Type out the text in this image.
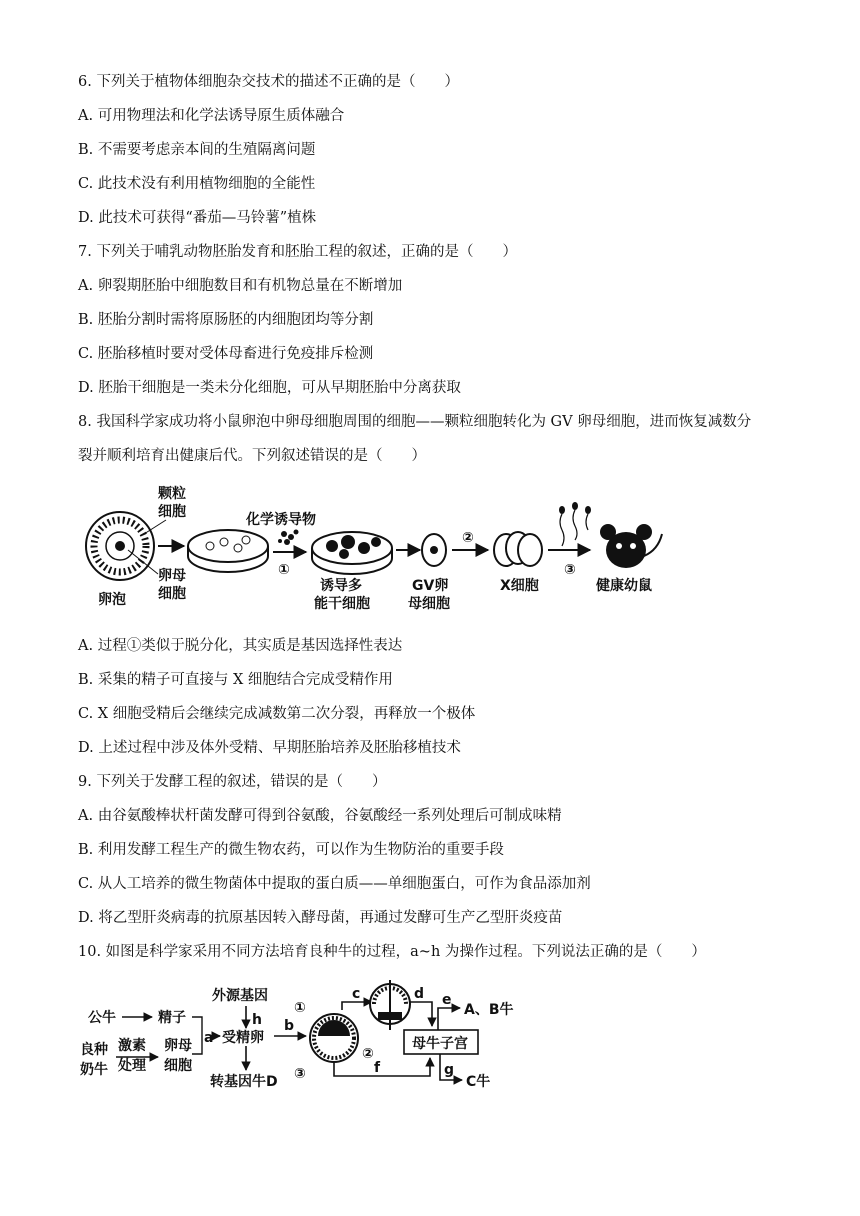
6. 下列关于植物体细胞杂交技术的描述不正确的是（　　）
A. 可用物理法和化学法诱导原生质体融合
B. 不需要考虑亲本间的生殖隔离问题
C. 此技术没有利用植物细胞的全能性
D. 此技术可获得“番茄—马铃薯”植株
7. 下列关于哺乳动物胚胎发育和胚胎工程的叙述，正确的是（　　）
A. 卵裂期胚胎中细胞数目和有机物总量在不断增加
B. 胚胎分割时需将原肠胚的内细胞团均等分割
C. 胚胎移植时要对受体母畜进行免疫排斥检测
D. 胚胎干细胞是一类未分化细胞，可从早期胚胎中分离获取
8. 我国科学家成功将小鼠卵泡中卵母细胞周围的细胞——颗粒细胞转化为 GV 卵母细胞，进而恢复减数分
裂并顺利培育出健康后代。下列叙述错误的是（　　）
颗粒
细胞
卵母
细胞
卵泡
化学诱导物
①
诱导多
能干细胞
GV卵
母细胞
②
X细胞
③
健康幼鼠
A. 过程①类似于脱分化，其实质是基因选择性表达
B. 采集的精子可直接与 X 细胞结合完成受精作用
C. X 细胞受精后会继续完成减数第二次分裂，再释放一个极体
D. 上述过程中涉及体外受精、早期胚胎培养及胚胎移植技术
9. 下列关于发酵工程的叙述，错误的是（　　）
A. 由谷氨酸棒状杆菌发酵可得到谷氨酸，谷氨酸经一系列处理后可制成味精
B. 利用发酵工程生产的微生物农药，可以作为生物防治的重要手段
C. 从人工培养的微生物菌体中提取的蛋白质——单细胞蛋白，可作为食品添加剂
D. 将乙型肝炎病毒的抗原基因转入酵母菌，再通过发酵可生产乙型肝炎疫苗
10. 如图是科学家采用不同方法培育良种牛的过程，a~h 为操作过程。下列说法正确的是（　　）
公牛	精子
外源基因
h
a 受精卵
良种
奶牛
激素
处理
卵母
细胞
转基因牛D
b
①
②
③
c	d
母牛子宫
e
A、B牛
f	g
C牛
